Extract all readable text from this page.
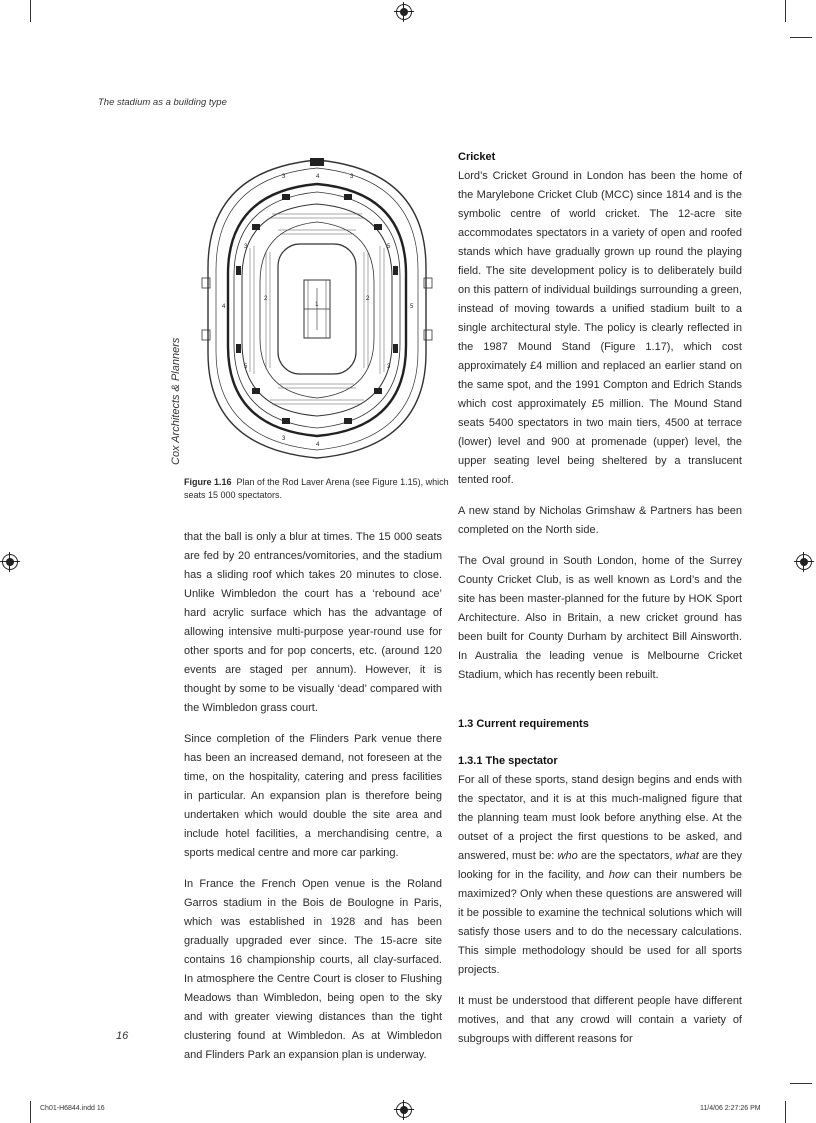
The stadium as a building type
4
3	3
2
1
2
3
5
5
4
3
5
3
4
Cox Architects & Planners
Figure 1.16 Plan of the Rod Laver Arena (see Figure 1.15), which seats 15 000 spectators.

that the ball is only a blur at times. The 15 000 seats are fed by 20 entrances/vomitories, and the stadium has a sliding roof which takes 20 minutes to close. Unlike Wimbledon the court has a ‘rebound ace’ hard acrylic surface which has the advantage of allowing intensive multi-purpose year-round use for other sports and for pop concerts, etc. (around 120 events are staged per annum). However, it is thought by some to be visually ‘dead’ compared with the Wimbledon grass court.

Since completion of the Flinders Park venue there has been an increased demand, not foreseen at the time, on the hospitality, catering and press facilities in particular. An expansion plan is therefore being undertaken which would double the site area and include hotel facilities, a merchandising centre, a sports medical centre and more car parking.

In France the French Open venue is the Roland Garros stadium in the Bois de Boulogne in Paris, which was established in 1928 and has been gradually upgraded ever since. The 15-acre site contains 16 championship courts, all clay-surfaced. In atmosphere the Centre Court is closer to Flushing Meadows than Wimbledon, being open to the sky and with greater viewing distances than the tight clustering found at Wimbledon. As at Wimbledon and Flinders Park an expansion plan is underway.

Cricket

Lord’s Cricket Ground in London has been the home of the Marylebone Cricket Club (MCC) since 1814 and is the symbolic centre of world cricket. The 12-acre site accommodates spectators in a variety of open and roofed stands which have gradually grown up round the playing field. The site development policy is to deliberately build on this pattern of individual buildings surrounding a green, instead of moving towards a unified stadium built to a single architectural style. The policy is clearly reflected in the 1987 Mound Stand (Figure 1.17), which cost approximately £4 million and replaced an earlier stand on the same spot, and the 1991 Compton and Edrich Stands which cost approximately £5 million. The Mound Stand seats 5400 spectators in two main tiers, 4500 at terrace (lower) level and 900 at promenade (upper) level, the upper seating level being sheltered by a translucent tented roof.

A new stand by Nicholas Grimshaw & Partners has been completed on the North side.

The Oval ground in South London, home of the Surrey County Cricket Club, is as well known as Lord’s and the site has been master-planned for the future by HOK Sport Architecture. Also in Britain, a new cricket ground has been built for County Durham by architect Bill Ainsworth. In Australia the leading venue is Melbourne Cricket Stadium, which has recently been rebuilt.

1.3 Current requirements
1.3.1 The spectator

For all of these sports, stand design begins and ends with the spectator, and it is at this much-maligned figure that the planning team must look before anything else. At the outset of a project the first questions to be asked, and answered, must be: who are the spectators, what are they looking for in the facility, and how can their numbers be maximized? Only when these questions are answered will it be possible to examine the technical solutions which will satisfy those users and to do the necessary calculations. This simple methodology should be used for all sports projects.

It must be understood that different people have different motives, and that any crowd will contain a variety of subgroups with different reasons for

16
Ch01-H6844.indd 16	11/4/06 2:27:26 PM
